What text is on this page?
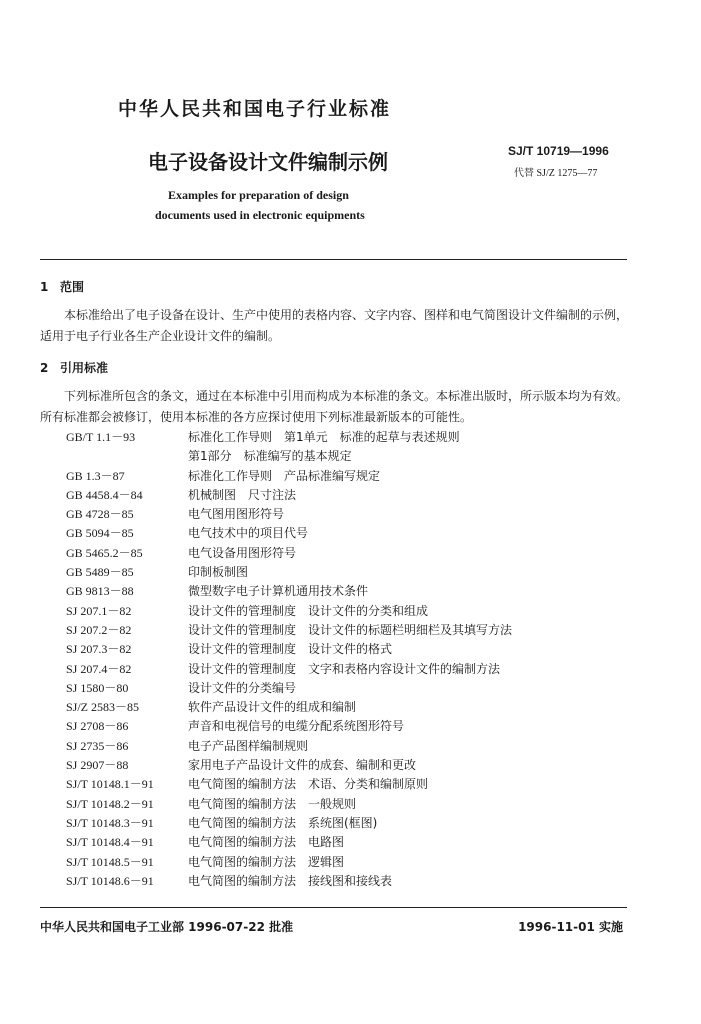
中华人民共和国电子行业标准
电子设备设计文件编制示例	SJ/T 10719—1996
代替 SJ/Z 1275—77
Examples for preparation of design
documents used in electronic equipments
1 范围
本标准给出了电子设备在设计、生产中使用的表格内容、文字内容、图样和电气简图设计文件编制的示例，适用于电子行业各生产企业设计文件的编制。
2 引用标准
下列标准所包含的条文，通过在本标准中引用而构成为本标准的条文。本标准出版时，所示版本均为有效。所有标准都会被修订，使用本标准的各方应探讨使用下列标准最新版本的可能性。
GB/T 1.1－93	标准化工作导则　第1单元　标准的起草与表述规则
第1部分　标准编写的基本规定
GB 1.3－87	标准化工作导则　产品标准编写规定
GB 4458.4－84	机械制图　尺寸注法
GB 4728－85	电气图用图形符号
GB 5094－85	电气技术中的项目代号
GB 5465.2－85	电气设备用图形符号
GB 5489－85	印制板制图
GB 9813－88	微型数字电子计算机通用技术条件
SJ 207.1－82	设计文件的管理制度　设计文件的分类和组成
SJ 207.2－82	设计文件的管理制度　设计文件的标题栏明细栏及其填写方法
SJ 207.3－82	设计文件的管理制度　设计文件的格式
SJ 207.4－82	设计文件的管理制度　文字和表格内容设计文件的编制方法
SJ 1580－80	设计文件的分类编号
SJ/Z 2583－85	软件产品设计文件的组成和编制
SJ 2708－86	声音和电视信号的电缆分配系统图形符号
SJ 2735－86	电子产品图样编制规则
SJ 2907－88	家用电子产品设计文件的成套、编制和更改
SJ/T 10148.1－91	电气简图的编制方法　术语、分类和编制原则
SJ/T 10148.2－91	电气简图的编制方法　一般规则
SJ/T 10148.3－91	电气简图的编制方法　系统图(框图)
SJ/T 10148.4－91	电气简图的编制方法　电路图
SJ/T 10148.5－91	电气简图的编制方法　逻辑图
SJ/T 10148.6－91	电气简图的编制方法　接线图和接线表
中华人民共和国电子工业部 1996-07-22 批准	1996-11-01 实施
